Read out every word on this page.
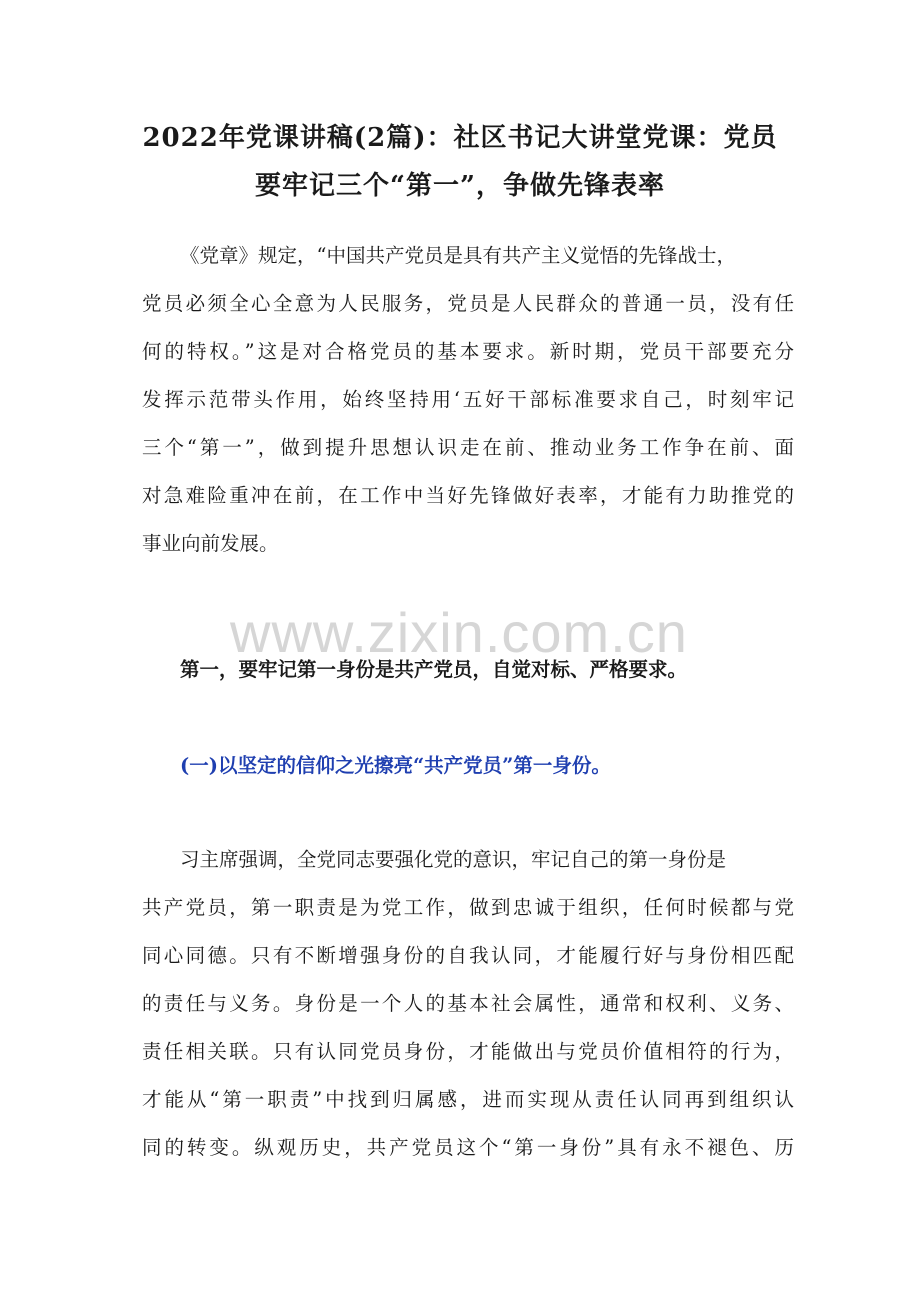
www.zixin.com.cn
2022年党课讲稿(2篇)：社区书记大讲堂党课：党员
要牢记三个“第一”，争做先锋表率
《党章》规定，“中国共产党员是具有共产主义觉悟的先锋战士，
党员必须全心全意为人民服务，党员是人民群众的普通一员，没有任
何的特权。”这是对合格党员的基本要求。新时期，党员干部要充分
发挥示范带头作用，始终坚持用‘五好干部标准要求自己，时刻牢记
三个“第一”，做到提升思想认识走在前、推动业务工作争在前、面
对急难险重冲在前，在工作中当好先锋做好表率，才能有力助推党的
事业向前发展。
第一，要牢记第一身份是共产党员，自觉对标、严格要求。
(一)以坚定的信仰之光擦亮“共产党员”第一身份。
习主席强调，全党同志要强化党的意识，牢记自己的第一身份是
共产党员，第一职责是为党工作，做到忠诚于组织，任何时候都与党
同心同德。只有不断增强身份的自我认同，才能履行好与身份相匹配
的责任与义务。身份是一个人的基本社会属性，通常和权利、义务、
责任相关联。只有认同党员身份，才能做出与党员价值相符的行为，
才能从“第一职责”中找到归属感，进而实现从责任认同再到组织认
同的转变。纵观历史，共产党员这个“第一身份”具有永不褪色、历
